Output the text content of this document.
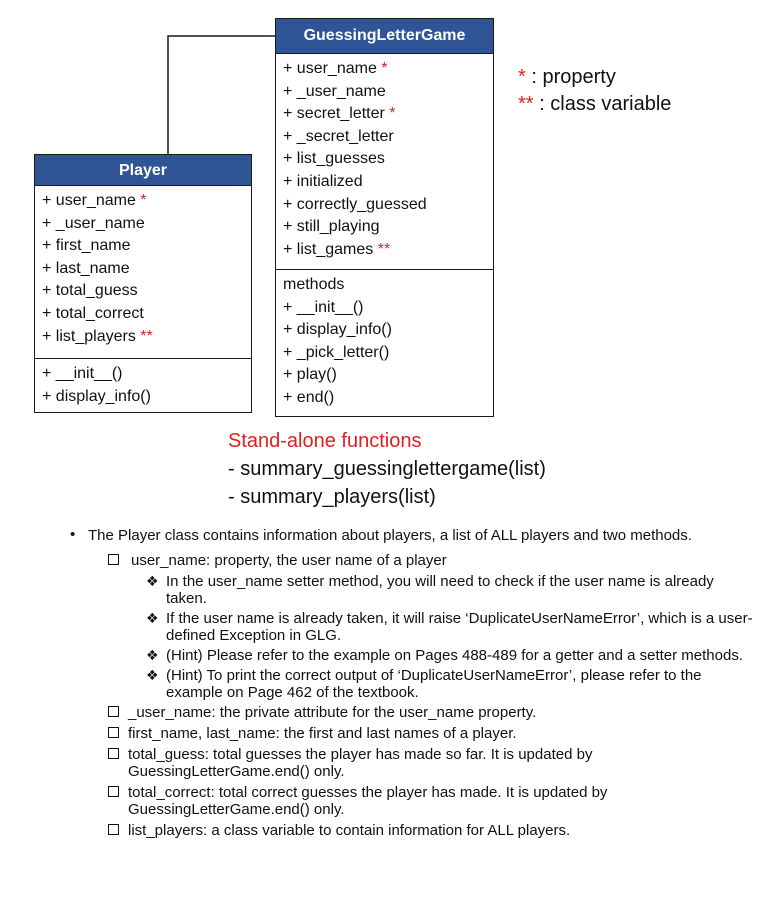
GuessingLetterGame
+ user_name *
+ _user_name
+ secret_letter *
+ _secret_letter
+ list_guesses
+ initialized
+ correctly_guessed
+ still_playing
+ list_games **
methods
+ __init__()
+ display_info()
+ _pick_letter()
+ play()
+ end()
Player
+ user_name *
+ _user_name
+ first_name
+ last_name
+ total_guess
+ total_correct
+ list_players **
+ __init__()
+ display_info()
* : property
** : class variable
Stand-alone functions
- summary_guessinglettergame(list)
- summary_players(list)
• The Player class contains information about players, a list of ALL players and two methods.
user_name: property, the user name of a player
❖ In the user_name setter method, you will need to check if the user name is already taken.
❖ If the user name is already taken, it will raise ‘DuplicateUserNameError’, which is a user-defined Exception in GLG.
❖ (Hint) Please refer to the example on Pages 488-489 for a getter and a setter methods.
❖ (Hint) To print the correct output of ‘DuplicateUserNameError’, please refer to the example on Page 462 of the textbook.
_user_name: the private attribute for the user_name property.
first_name, last_name: the first and last names of a player.
total_guess: total guesses the player has made so far. It is updated by GuessingLetterGame.end() only.
total_correct: total correct guesses the player has made. It is updated by GuessingLetterGame.end() only.
list_players: a class variable to contain information for ALL players.
